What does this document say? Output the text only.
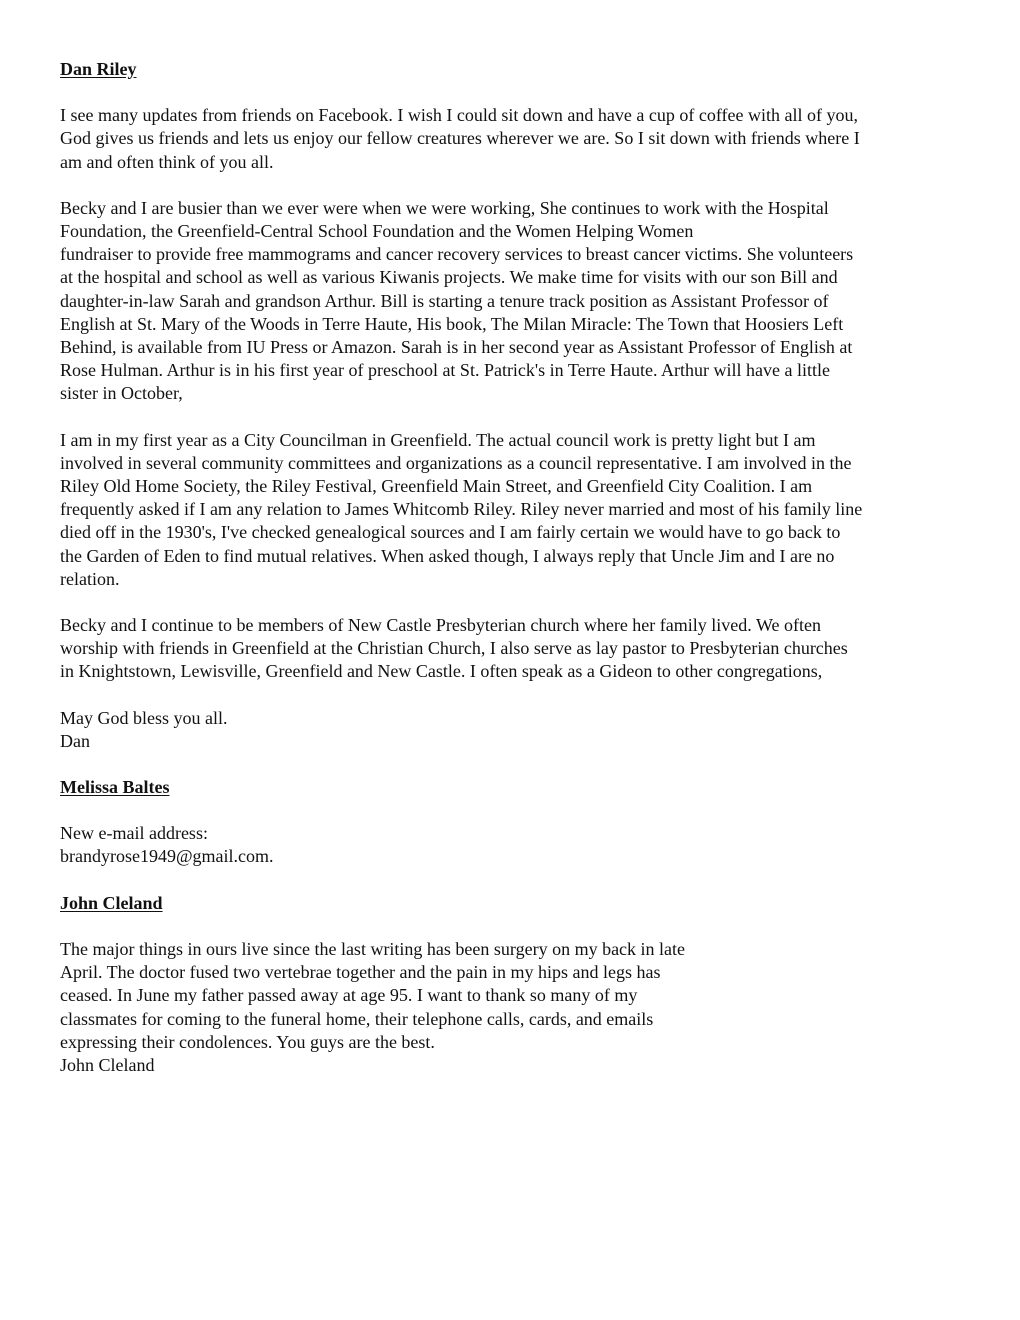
Dan Riley
I see many updates from friends on Facebook. I wish I could sit down and have a cup of coffee with all of you,
God gives us friends and lets us enjoy our fellow creatures wherever we are. So I sit down with friends where I
am and often think of you all.
Becky and I are busier than we ever were when we were working, She continues to work with the Hospital
Foundation, the Greenfield-Central School Foundation and the Women Helping Women
fundraiser to provide free mammograms and cancer recovery services to breast cancer victims. She volunteers
at the hospital and school as well as various Kiwanis projects. We make time for visits with our son Bill and
daughter-in-law Sarah and grandson Arthur. Bill is starting a tenure track position as Assistant Professor of
English at St. Mary of the Woods in Terre Haute, His book, The Milan Miracle: The Town that Hoosiers Left
Behind, is available from IU Press or Amazon. Sarah is in her second year as Assistant Professor of English at
Rose Hulman. Arthur is in his first year of preschool at St. Patrick's in Terre Haute. Arthur will have a little
sister in October,
I am in my first year as a City Councilman in Greenfield. The actual council work is pretty light but I am
involved in several community committees and organizations as a council representative. I am involved in the
Riley Old Home Society, the Riley Festival, Greenfield Main Street, and Greenfield City Coalition. I am
frequently asked if I am any relation to James Whitcomb Riley. Riley never married and most of his family line
died off in the 1930's, I've checked genealogical sources and I am fairly certain we would have to go back to
the Garden of Eden to find mutual relatives. When asked though, I always reply that Uncle Jim and I are no
relation.
Becky and I continue to be members of New Castle Presbyterian church where her family lived. We often
worship with friends in Greenfield at the Christian Church, I also serve as lay pastor to Presbyterian churches
in Knightstown, Lewisville, Greenfield and New Castle. I often speak as a Gideon to other congregations,
May God bless you all.
Dan
Melissa Baltes
New e-mail address:
brandyrose1949@gmail.com.
John Cleland
The major things in ours live since the last writing has been surgery on my back in late
April. The doctor fused two vertebrae together and the pain in my hips and legs has
ceased. In June my father passed away at age 95. I want to thank so many of my
classmates for coming to the funeral home, their telephone calls, cards, and emails
expressing their condolences. You guys are the best.
John Cleland
